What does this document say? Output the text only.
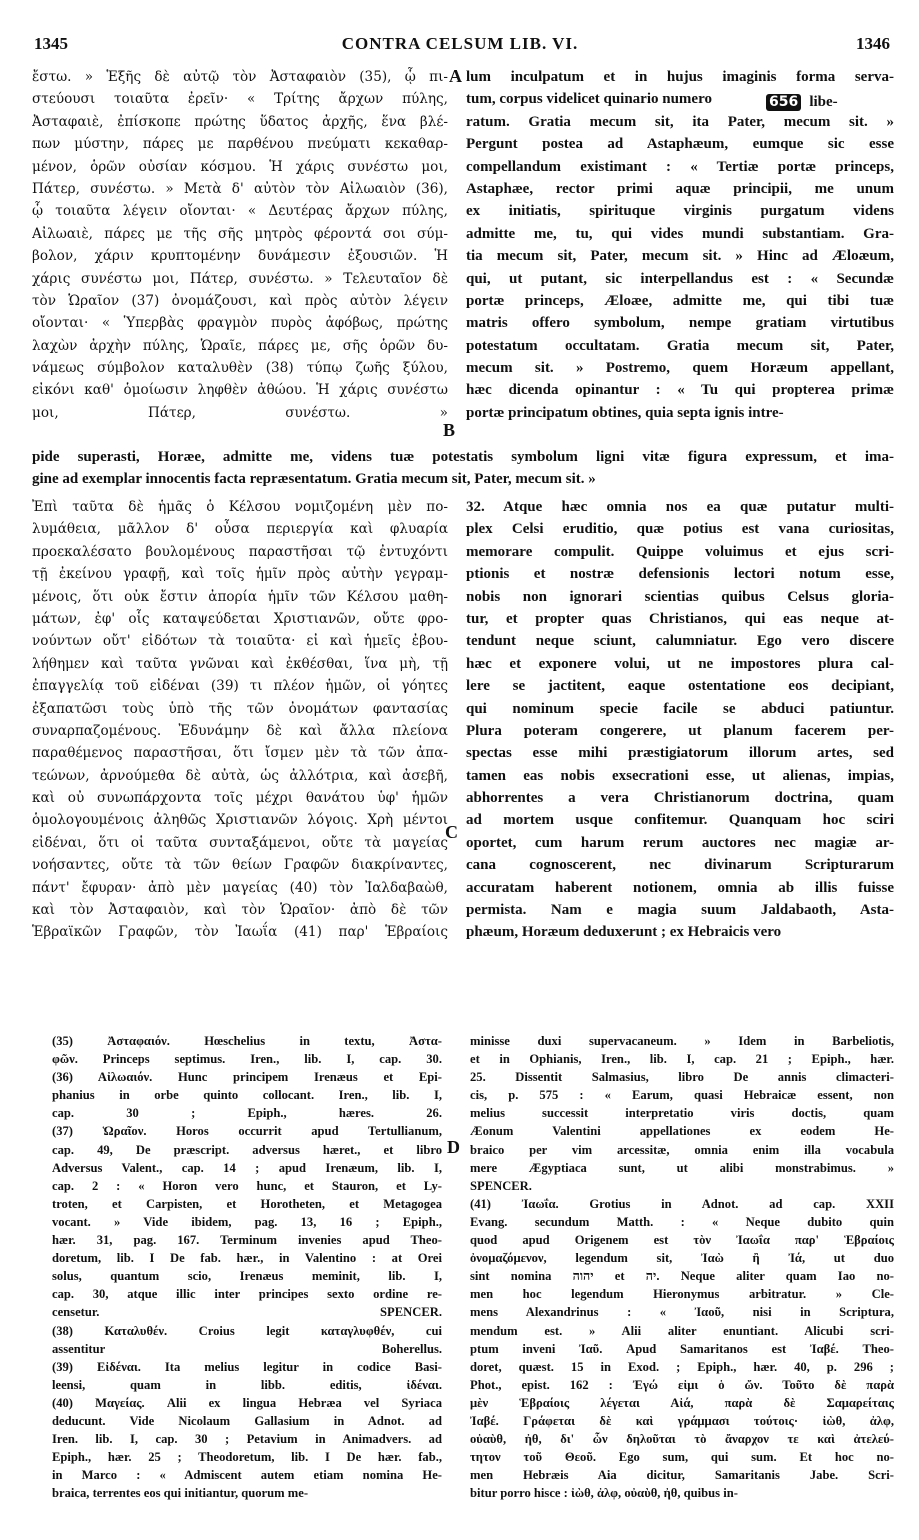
1345	CONTRA CELSUM LIB. VI.	1346
ἔστω. » Ἑξῆς δὲ αὐτῷ τὸν Ἀσταφαιὸν (35), ᾧ πι-
στεύουσι τοιαῦτα ἐρεῖν· « Τρίτης ἄρχων πύλης,
Ἀσταφαιὲ, ἐπίσκοπε πρώτης ὕδατος ἀρχῆς, ἕνα βλέ-
πων μύστην, πάρες με παρθένου πνεύματι κεκαθαρ-
μένον, ὁρῶν οὐσίαν κόσμου. Ἡ χάρις συνέστω μοι,
Πάτερ, συνέστω. » Μετὰ δ' αὐτὸν τὸν Αἰλωαιὸν (36),
ᾧ τοιαῦτα λέγειν οἴονται· « Δευτέρας ἄρχων πύλης,
Αἰλωαιὲ, πάρες με τῆς σῆς μητρὸς φέροντά σοι σύμ-
βολον, χάριν κρυπτομένην δυνάμεσιν ἐξουσιῶν. Ἡ
χάρις συνέστω μοι, Πάτερ, συνέστω. » Τελευταῖον δὲ
τὸν Ὡραῖον (37) ὀνομάζουσι, καὶ πρὸς αὐτὸν λέγειν
οἴονται· « Ὑπερβὰς φραγμὸν πυρὸς ἀφόβως, πρώτης
λαχὼν ἀρχὴν πύλης, Ὡραῖε, πάρες με, σῆς ὁρῶν δυ-
νάμεως σύμβολον καταλυθὲν (38) τύπῳ ζωῆς ξύλου,
εἰκόνι καθ' ὁμοίωσιν ληφθὲν ἀθώου. Ἡ χάρις συνέστω
μοι, Πάτερ, συνέστω. »
lum inculpatum et in hujus imaginis forma serva-
tum, corpus videlicet quinario numero
ratum. Gratia mecum sit, ita Pater, mecum sit. »
Pergunt postea ad Astaphæum, eumque sic esse
compellandum existimant : « Tertiæ portæ princeps,
Astaphæe, rector primi aquæ principii, me unum
ex initiatis, spirituque virginis purgatum videns
admitte me, tu, qui vides mundi substantiam. Gra-
tia mecum sit, Pater, mecum sit. » Hinc ad Æloæum,
qui, ut putant, sic interpellandus est : « Secundæ
portæ princeps, Æloæe, admitte me, qui tibi tuæ
matris offero symbolum, nempe gratiam virtutibus
potestatum occultatam. Gratia mecum sit, Pater,
mecum sit. » Postremo, quem Horæum appellant,
hæc dicenda opinantur : « Tu qui propterea primæ
portæ principatum obtines, quia septa ignis intre-
A
B
656 libe-
pide superasti, Horæe, admitte me, videns tuæ potestatis symbolum ligni vitæ figura expressum, et ima-
gine ad exemplar innocentis facta repræsentatum. Gratia mecum sit, Pater, mecum sit. »
Ἐπὶ ταῦτα δὲ ἡμᾶς ὁ Κέλσου νομιζομένη μὲν πο-
λυμάθεια, μᾶλλον δ' οὖσα περιεργία καὶ φλυαρία
προεκαλέσατο βουλομένους παραστῆσαι τῷ ἐντυχόντι
τῇ ἐκείνου γραφῇ, καὶ τοῖς ἡμῖν πρὸς αὐτὴν γεγραμ-
μένοις, ὅτι οὐκ ἔστιν ἀπορία ἡμῖν τῶν Κέλσου μαθη-
μάτων, ἐφ' οἷς καταψεύδεται Χριστιανῶν, οὔτε φρο-
νούντων οὔτ' εἰδότων τὰ τοιαῦτα· εἰ καὶ ἡμεῖς ἐβου-
λήθημεν καὶ ταῦτα γνῶναι καὶ ἐκθέσθαι, ἵνα μὴ, τῇ
ἐπαγγελίᾳ τοῦ εἰδέναι (39) τι πλέον ἡμῶν, οἱ γόητες
ἐξαπατῶσι τοὺς ὑπὸ τῆς τῶν ὀνομάτων φαντασίας
συναρπαζομένους. Ἐδυνάμην δὲ καὶ ἄλλα πλείονα
παραθέμενος παραστῆσαι, ὅτι ἴσμεν μὲν τὰ τῶν ἀπα-
τεώνων, ἀρνούμεθα δὲ αὐτὰ, ὡς ἀλλότρια, καὶ ἀσεβῆ,
καὶ οὐ συνωπάρχοντα τοῖς μέχρι θανάτου ὑφ' ἡμῶν
ὁμολογουμένοις ἀληθῶς Χριστιανῶν λόγοις. Χρὴ μέντοι
εἰδέναι, ὅτι οἱ ταῦτα συνταξάμενοι, οὔτε τὰ μαγείας
νοήσαντες, οὔτε τὰ τῶν θείων Γραφῶν διακρίναντες,
πάντ' ἔφυραν· ἀπὸ μὲν μαγείας (40) τὸν Ἰαλδαβαὼθ,
καὶ τὸν Ἀσταφαιὸν, καὶ τὸν Ὡραῖον· ἀπὸ δὲ τῶν
Ἑβραϊκῶν Γραφῶν, τὸν Ἰαωΐα (41) παρ' Ἑβραίοις
32. Atque hæc omnia nos ea quæ putatur multi-
plex Celsi eruditio, quæ potius est vana curiositas,
memorare compulit. Quippe voluimus et ejus scri-
ptionis et nostræ defensionis lectori notum esse,
nobis non ignorari scientias quibus Celsus gloria-
tur, et propter quas Christianos, qui eas neque at-
tendunt neque sciunt, calumniatur. Ego vero discere
hæc et exponere volui, ut ne impostores plura cal-
lere se jactitent, eaque ostentatione eos decipiant,
qui nominum specie facile se abduci patiuntur.
Plura poteram congerere, ut planum facerem per-
spectas esse mihi præstigiatorum illorum artes, sed
tamen eas nobis exsecrationi esse, ut alienas, impias,
abhorrentes a vera Christianorum doctrina, quam
ad mortem usque confitemur. Quanquam hoc sciri
oportet, cum harum rerum auctores nec magiæ ar-
cana cognoscerent, nec divinarum Scripturarum
accuratam haberent notionem, omnia ab illis fuisse
permista. Nam e magia suum Jaldabaoth, Asta-
phæum, Horæum deduxerunt ; ex Hebraicis vero
C
D
(35) Ἀσταφαιόν. Hœschelius in textu, Ἀστα-
φῶν. Princeps septimus. Iren., lib. I, cap. 30.
(36) Αἰλωαιόν. Hunc principem Irenæus et Epi-
phanius in orbe quinto collocant. Iren., lib. I,
cap. 30 ; Epiph., hæres. 26.
(37) Ὡραῖον. Horos occurrit apud Tertullianum,
cap. 49, De præscript. adversus hæret., et libro
Adversus Valent., cap. 14 ; apud Irenæum, lib. I,
cap. 2 : « Horon vero hunc, et Stauron, et Ly-
troten, et Carpisten, et Horotheten, et Metagogea
vocant. » Vide ibidem, pag. 13, 16 ; Epiph.,
hær. 31, pag. 167. Terminum invenies apud Theo-
doretum, lib. I De fab. hær., in Valentino : at Orei
solus, quantum scio, Irenæus meminit, lib. I,
cap. 30, atque illic inter principes sexto ordine re-
censetur. SPENCER.
(38) Καταλυθέν. Croius legit καταγλυφθέν, cui
assentitur Boherellus.
(39) Εἰδέναι. Ita melius legitur in codice Basi-
leensi, quam in libb. editis, ἰδέναι.
(40) Μαγείας. Alii ex lingua Hebræa vel Syriaca
deducunt. Vide Nicolaum Gallasium in Adnot. ad
Iren. lib. I, cap. 30 ; Petavium in Animadvers. ad
Epiph., hær. 25 ; Theodoretum, lib. I De hær. fab.,
in Marco : « Admiscent autem etiam nomina He-
braica, terrentes eos qui initiantur, quorum me-
minisse duxi supervacaneum. » Idem in Barbeliotis,
et in Ophianis, Iren., lib. I, cap. 21 ; Epiph., hær.
25. Dissentit Salmasius, libro De annis climacteri-
cis, p. 575 : « Earum, quasi Hebraicæ essent, non
melius successit interpretatio viris doctis, quam
Æonum Valentini appellationes ex eodem He-
braico per vim arcessitæ, omnia enim illa vocabula
mere Ægyptiaca sunt, ut alibi monstrabimus. »
SPENCER.
(41) Ἰαωΐα. Grotius in Adnot. ad cap. XXII
Evang. secundum Matth. : « Neque dubito quin
quod apud Origenem est τὸν Ἰαωΐα παρ' Ἑβραίοις
ὀνομαζόμενον, legendum sit, Ἰαὼ ἢ Ἰά, ut duo
sint nomina יהוה et יה. Neque aliter quam Iao no-
men hoc legendum Hieronymus arbitratur. » Cle-
mens Alexandrinus : « Ἰαοῦ, nisi in Scriptura,
mendum est. » Alii aliter enuntiant. Alicubi scri-
ptum inveni Ἰαῦ. Apud Samaritanos est Ἰαβέ. Theo-
doret, quæst. 15 in Exod. ; Epiph., hær. 40, p. 296 ;
Phot., epist. 162 : Ἐγώ εἰμι ὁ ὤν. Τοῦτο δὲ παρὰ
μὲν Ἑβραίοις λέγεται Αἰά, παρὰ δὲ Σαμαρείταις
Ἰαβέ. Γράφεται δὲ καὶ γράμμασι τούτοις· ἰὼθ, ἀλφ,
οὐαὺθ, ἠθ, δι' ὧν δηλοῦται τὸ ἄναρχον τε καὶ ἀτελεύ-
τητον τοῦ Θεοῦ. Ego sum, qui sum. Et hoc no-
men Hebræis Aia dicitur, Samaritanis Jabe. Scri-
bitur porro hisce : ἰὼθ, ἀλφ, οὐαὺθ, ἠθ, quibus in-
